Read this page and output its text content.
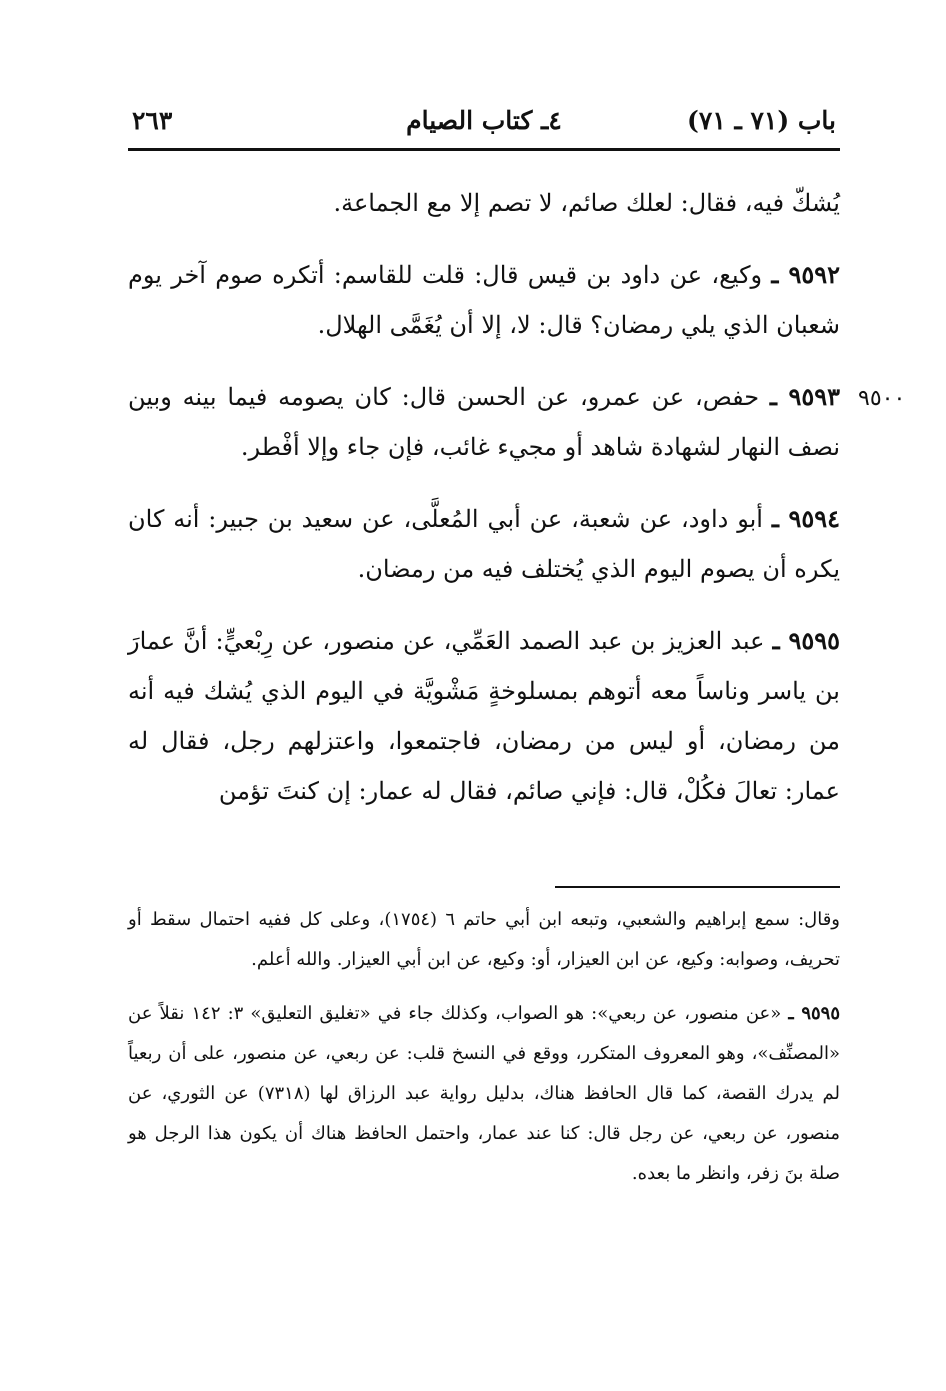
٢٦٣	٤ـ كتاب الصيام	باب (٧١ ـ ٧١)

يُشكّ فيه، فقال: لعلك صائم، لا تصم إلا مع الجماعة.

٩٥٩٢ ـ وكيع، عن داود بن قيس قال: قلت للقاسم: أتكره صوم آخر يوم شعبان الذي يلي رمضان؟ قال: لا، إلا أن يُغَمَّى الهلال.

٩٥٩٣ ـ حفص، عن عمرو، عن الحسن قال: كان يصومه فيما بينه وبين نصف النهار لشهادة شاهد أو مجيء غائب، فإن جاء وإلا أفْطر.

٩٥٩٤ ـ أبو داود، عن شعبة، عن أبي المُعلَّى، عن سعيد بن جبير: أنه كان يكره أن يصوم اليوم الذي يُختلف فيه من رمضان.

٩٥٩٥ ـ عبد العزيز بن عبد الصمد العَمِّي، عن منصور، عن رِبْعيٍّ: أنَّ عمارَ بن ياسر وناساً معه أتوهم بمسلوخةٍ مَشْويَّة في اليوم الذي يُشك فيه أنه من رمضان، أو ليس من رمضان، فاجتمعوا، واعتزلهم رجل، فقال له عمار: تعالَ فكُلْ، قال: فإني صائم، فقال له عمار: إن كنتَ تؤمن

٩٥٠٠

وقال: سمع إبراهيم والشعبي، وتبعه ابن أبي حاتم ٦ (١٧٥٤)، وعلى كل ففيه احتمال سقط أو تحريف، وصوابه: وكيع، عن ابن العيزار، أو: وكيع، عن ابن أبي العيزار. والله أعلم.

٩٥٩٥ ـ «عن منصور، عن ربعي»: هو الصواب، وكذلك جاء في «تغليق التعليق» ٣: ١٤٢ نقلاً عن «المصنِّف»، وهو المعروف المتكرر، ووقع في النسخ قلب: عن ربعي، عن منصور، على أن ربعياً لم يدرك القصة، كما قال الحافظ هناك، بدليل رواية عبد الرزاق لها (٧٣١٨) عن الثوري، عن منصور، عن ربعي، عن رجل قال: كنا عند عمار، واحتمل الحافظ هناك أن يكون هذا الرجل هو صلة بنَ زفر، وانظر ما بعده.
